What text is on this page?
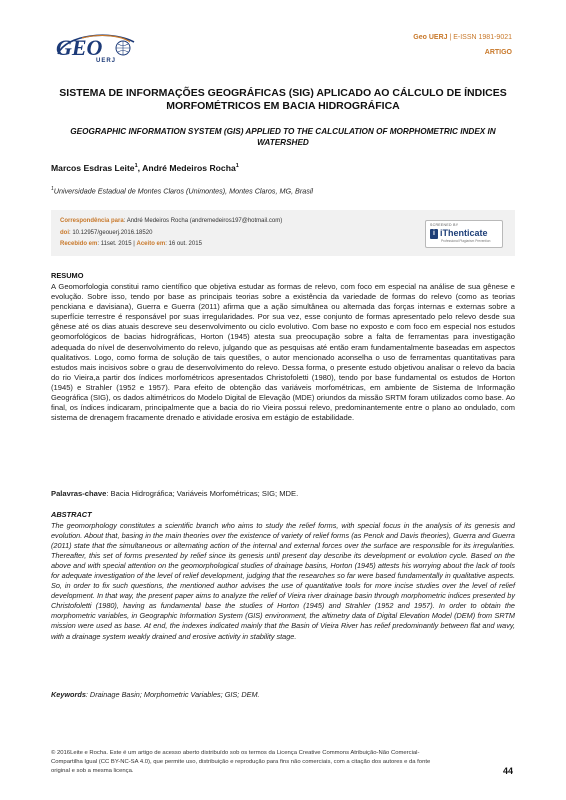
GEO
UERJ
Geo UERJ | E-ISSN 1981-9021
ARTIGO
SISTEMA DE INFORMAÇÕES GEOGRÁFICAS (SIG) APLICADO AO CÁLCULO DE ÍNDICES MORFOMÉTRICOS EM BACIA HIDROGRÁFICA
GEOGRAPHIC INFORMATION SYSTEM (GIS) APPLIED TO THE CALCULATION OF MORPHOMETRIC INDEX IN WATERSHED
Marcos Esdras Leite$^1$, André Medeiros Rocha$^1$
$^1$Universidade Estadual de Montes Claros (Unimontes), Montes Claros, MG, Brasil
Correspondência para: André Medeiros Rocha (andremedeiros197@hotmail.com)
doi: 10.12957/geouerj.2016.18520
Recebido em: 11set. 2015 | Aceito em: 16 out. 2015
SCREENED BY
i iThenticate
Professional Plagiarism Prevention
RESUMO
A Geomorfologia constitui ramo científico que objetiva estudar as formas de relevo, com foco em especial na análise de sua gênese e evolução. Sobre isso, tendo por base as principais teorias sobre a existência da variedade de formas do relevo (como as teorias penckiana e davisiana), Guerra e Guerra (2011) afirma que a ação simultânea ou alternada das forças internas e externas sobre a superfície terrestre é responsável por suas irregularidades. Por sua vez, esse conjunto de formas apresentado pelo relevo desde sua gênese até os dias atuais descreve seu desenvolvimento ou ciclo evolutivo. Com base no exposto e com foco em especial nos estudos geomorfológicos de bacias hidrográficas, Horton (1945) atesta sua preocupação sobre a falta de ferramentas para investigação adequada do nível de desenvolvimento do relevo, julgando que as pesquisas até então eram fundamentalmente baseadas em aspectos qualitativos. Logo, como forma de solução de tais questões, o autor mencionado aconselha o uso de ferramentas quantitativas para estudos mais incisivos sobre o grau de desenvolvimento do relevo. Dessa forma, o presente estudo objetivou analisar o relevo da bacia do rio Vieira,a partir dos índices morfométricos apresentados Christofoletti (1980), tendo por base fundamental os estudos de Horton (1945) e Strahler (1952 e 1957). Para efeito de obtenção das variáveis morfométricas, em ambiente de Sistema de Informação Geográfica (SIG), os dados altimétricos do Modelo Digital de Elevação (MDE) oriundos da missão SRTM foram utilizados como base. Ao final, os índices indicaram, principalmente que a bacia do rio Vieira possui relevo, predominantemente entre o plano ao ondulado, com sistema de drenagem fracamente drenado e atividade erosiva em estágio de estabilidade.
Palavras-chave: Bacia Hidrográfica; Variáveis Morfométricas; SIG; MDE.
ABSTRACT
The geomorphology constitutes a scientific branch who aims to study the relief forms, with special focus in the analysis of its genesis and evolution. About that, basing in the main theories over the existence of variety of relief forms (as Penck and Davis theories), Guerra and Guerra (2011) state that the simultaneous or alternating action of the internal and external forces over the surface are responsible for its irregularities. Thereafter, this set of forms presented by relief since its genesis until present day describe its development or evolution cycle. Based on the above and with special attention on the geomorphological studies of drainage basins, Horton (1945) attests his worrying about the lack of tools for adequate investigation of the level of relief development, judging that the researches so far were based fundamentally in qualitative aspects. So, in order to fix such questions, the mentioned author advises the use of quantitative tools for more incise studies over the level of relief development. In that way, the present paper aims to analyze the relief of Vieira river drainage basin through morphometric indices presented by Christofoletti (1980), having as fundamental base the studies of Horton (1945) and Strahler (1952 and 1957). In order to obtain the morphometric variables, in Geographic Information System (GIS) environment, the altimetry data of Digital Elevation Model (DEM) from SRTM mission were used as base. At end, the indexes indicated mainly that the Basin of Vieira River has relief predominantly between flat and wavy, with a drainage system weakly drained and erosive activity in stability stage.
Keywords: Drainage Basin; Morphometric Variables; GIS; DEM.
© 2016Leite e Rocha. Este é um artigo de acesso aberto distribuído sob os termos da Licença Creative Commons Atribuição-Não Comercial-Compartilha Igual (CC BY-NC-SA 4.0), que permite uso, distribuição e reprodução para fins não comerciais, com a citação dos autores e da fonte original e sob a mesma licença.	44
